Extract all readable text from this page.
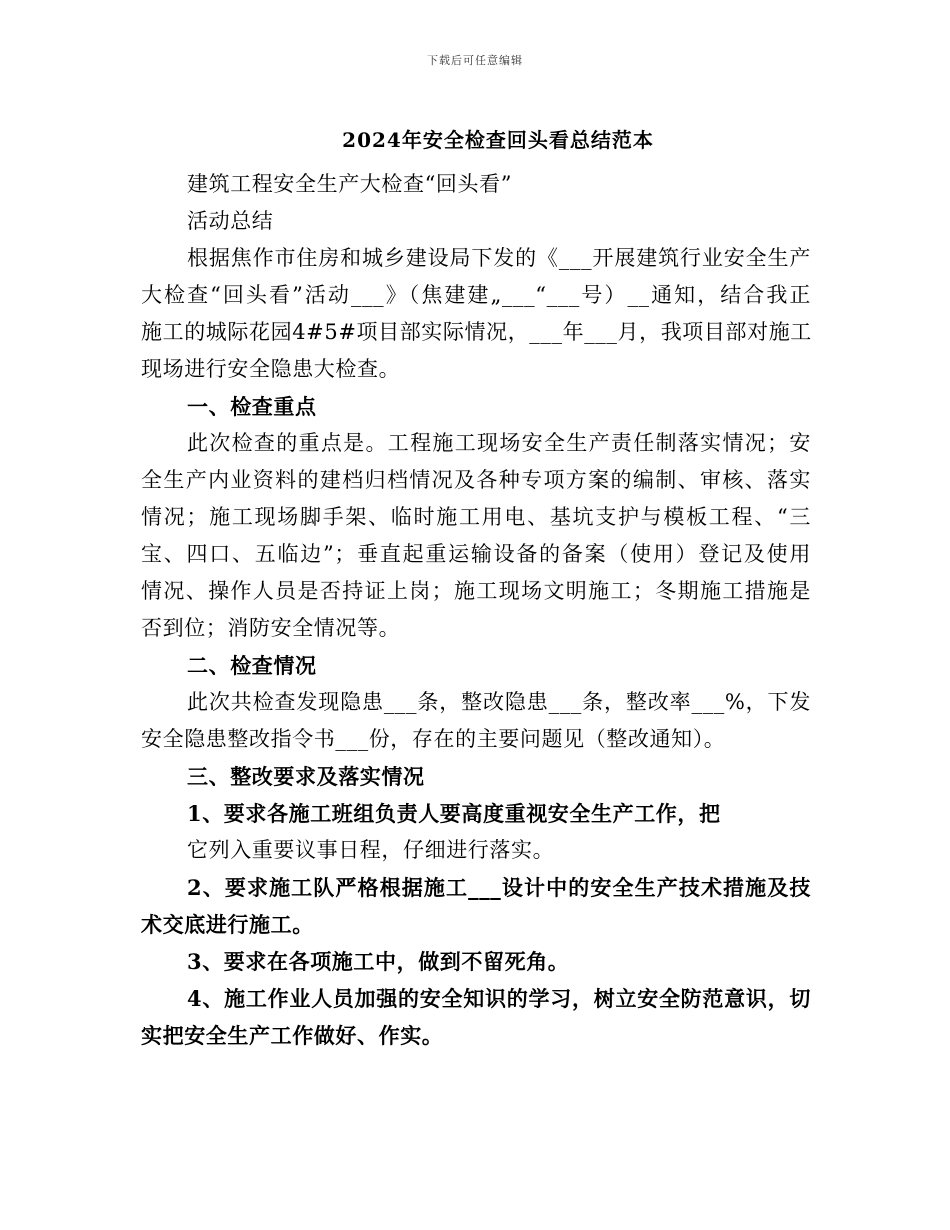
下载后可任意编辑
2024年安全检查回头看总结范本
建筑工程安全生产大检查“回头看”
活动总结
根据焦作市住房和城乡建设局下发的《___开展建筑行业安全生产
大检查“回头看”活动___》（焦建建„___“___号）__通知，结合我正
施工的城际花园4#5#项目部实际情况，___年___月，我项目部对施工
现场进行安全隐患大检查。
一、检查重点
此次检查的重点是。工程施工现场安全生产责任制落实情况；安
全生产内业资料的建档归档情况及各种专项方案的编制、审核、落实
情况；施工现场脚手架、临时施工用电、基坑支护与模板工程、“三
宝、四口、五临边”；垂直起重运输设备的备案（使用）登记及使用
情况、操作人员是否持证上岗；施工现场文明施工；冬期施工措施是
否到位；消防安全情况等。
二、检查情况
此次共检查发现隐患___条，整改隐患___条，整改率___%，下发
安全隐患整改指令书___份，存在的主要问题见（整改通知）。
三、整改要求及落实情况
1、要求各施工班组负责人要高度重视安全生产工作，把
它列入重要议事日程，仔细进行落实。
2、要求施工队严格根据施工___设计中的安全生产技术措施及技
术交底进行施工。
3、要求在各项施工中，做到不留死角。
4、施工作业人员加强的安全知识的学习，树立安全防范意识，切
实把安全生产工作做好、作实。
